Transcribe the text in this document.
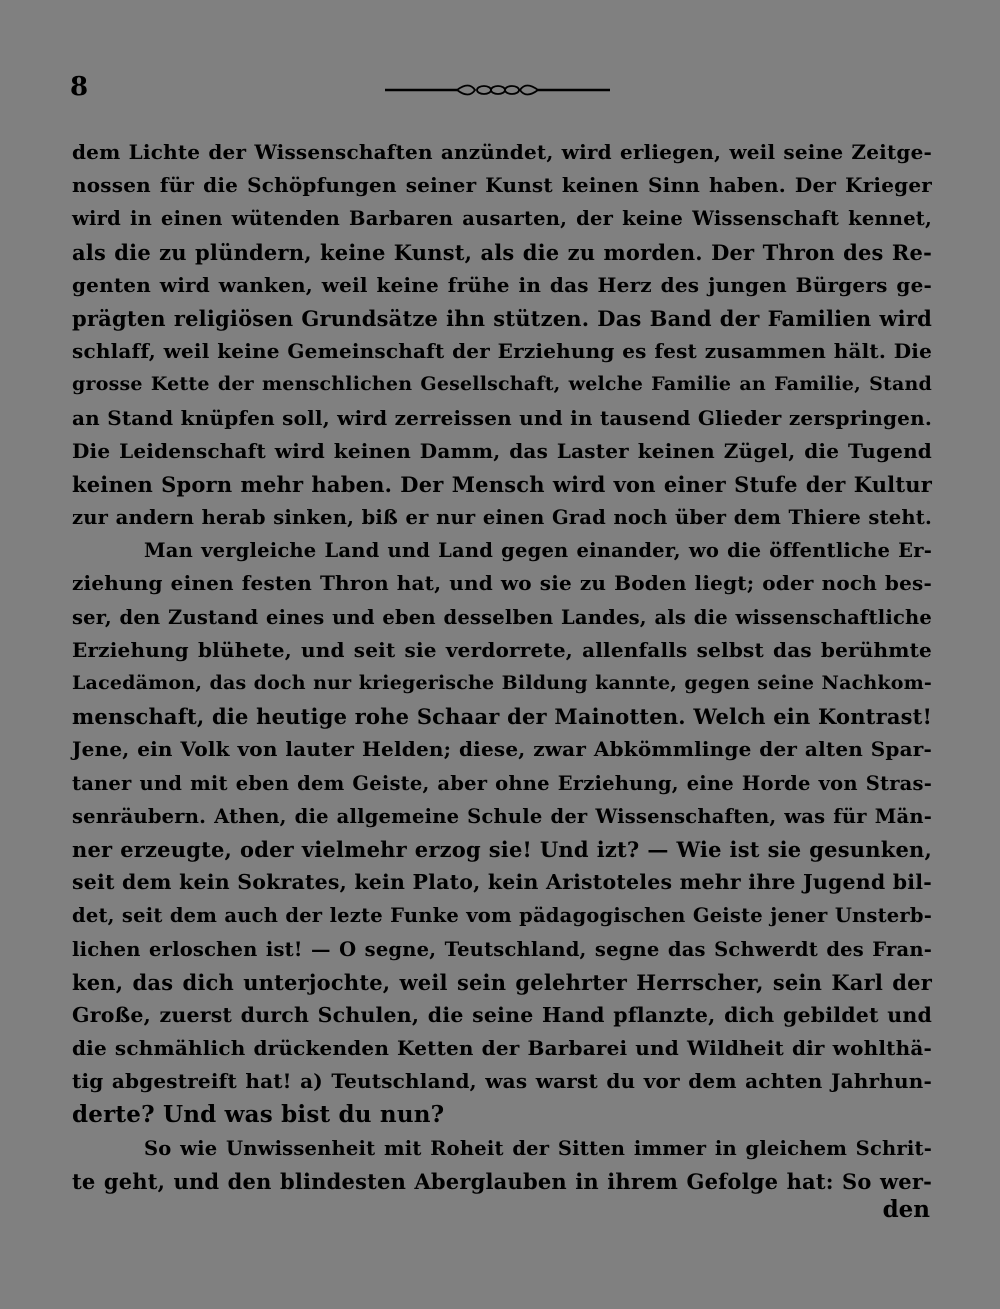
8
dem Lichte der Wissenschaften anzündet, wird erliegen, weil seine Zeitge-
nossen für die Schöpfungen seiner Kunst keinen Sinn haben. Der Krieger
wird in einen wütenden Barbaren ausarten, der keine Wissenschaft kennet,
als die zu plündern, keine Kunst, als die zu morden. Der Thron des Re-
genten wird wanken, weil keine frühe in das Herz des jungen Bürgers ge-
prägten religiösen Grundsätze ihn stützen. Das Band der Familien wird
schlaff, weil keine Gemeinschaft der Erziehung es fest zusammen hält. Die
grosse Kette der menschlichen Gesellschaft, welche Familie an Familie, Stand
an Stand knüpfen soll, wird zerreissen und in tausend Glieder zerspringen.
Die Leidenschaft wird keinen Damm, das Laster keinen Zügel, die Tugend
keinen Sporn mehr haben. Der Mensch wird von einer Stufe der Kultur
zur andern herab sinken, biß er nur einen Grad noch über dem Thiere steht.
Man vergleiche Land und Land gegen einander, wo die öffentliche Er-
ziehung einen festen Thron hat, und wo sie zu Boden liegt; oder noch bes-
ser, den Zustand eines und eben desselben Landes, als die wissenschaftliche
Erziehung blühete, und seit sie verdorrete, allenfalls selbst das berühmte
Lacedämon, das doch nur kriegerische Bildung kannte, gegen seine Nachkom-
menschaft, die heutige rohe Schaar der Mainotten. Welch ein Kontrast!
Jene, ein Volk von lauter Helden; diese, zwar Abkömmlinge der alten Spar-
taner und mit eben dem Geiste, aber ohne Erziehung, eine Horde von Stras-
senräubern. Athen, die allgemeine Schule der Wissenschaften, was für Män-
ner erzeugte, oder vielmehr erzog sie! Und izt? — Wie ist sie gesunken,
seit dem kein Sokrates, kein Plato, kein Aristoteles mehr ihre Jugend bil-
det, seit dem auch der lezte Funke vom pädagogischen Geiste jener Unsterb-
lichen erloschen ist! — O segne, Teutschland, segne das Schwerdt des Fran-
ken, das dich unterjochte, weil sein gelehrter Herrscher, sein Karl der
Große, zuerst durch Schulen, die seine Hand pflanzte, dich gebildet und
die schmählich drückenden Ketten der Barbarei und Wildheit dir wohlthä-
tig abgestreift hat! a) Teutschland, was warst du vor dem achten Jahrhun-
derte? Und was bist du nun?
So wie Unwissenheit mit Roheit der Sitten immer in gleichem Schrit-
te geht, und den blindesten Aberglauben in ihrem Gefolge hat: So wer-
den
